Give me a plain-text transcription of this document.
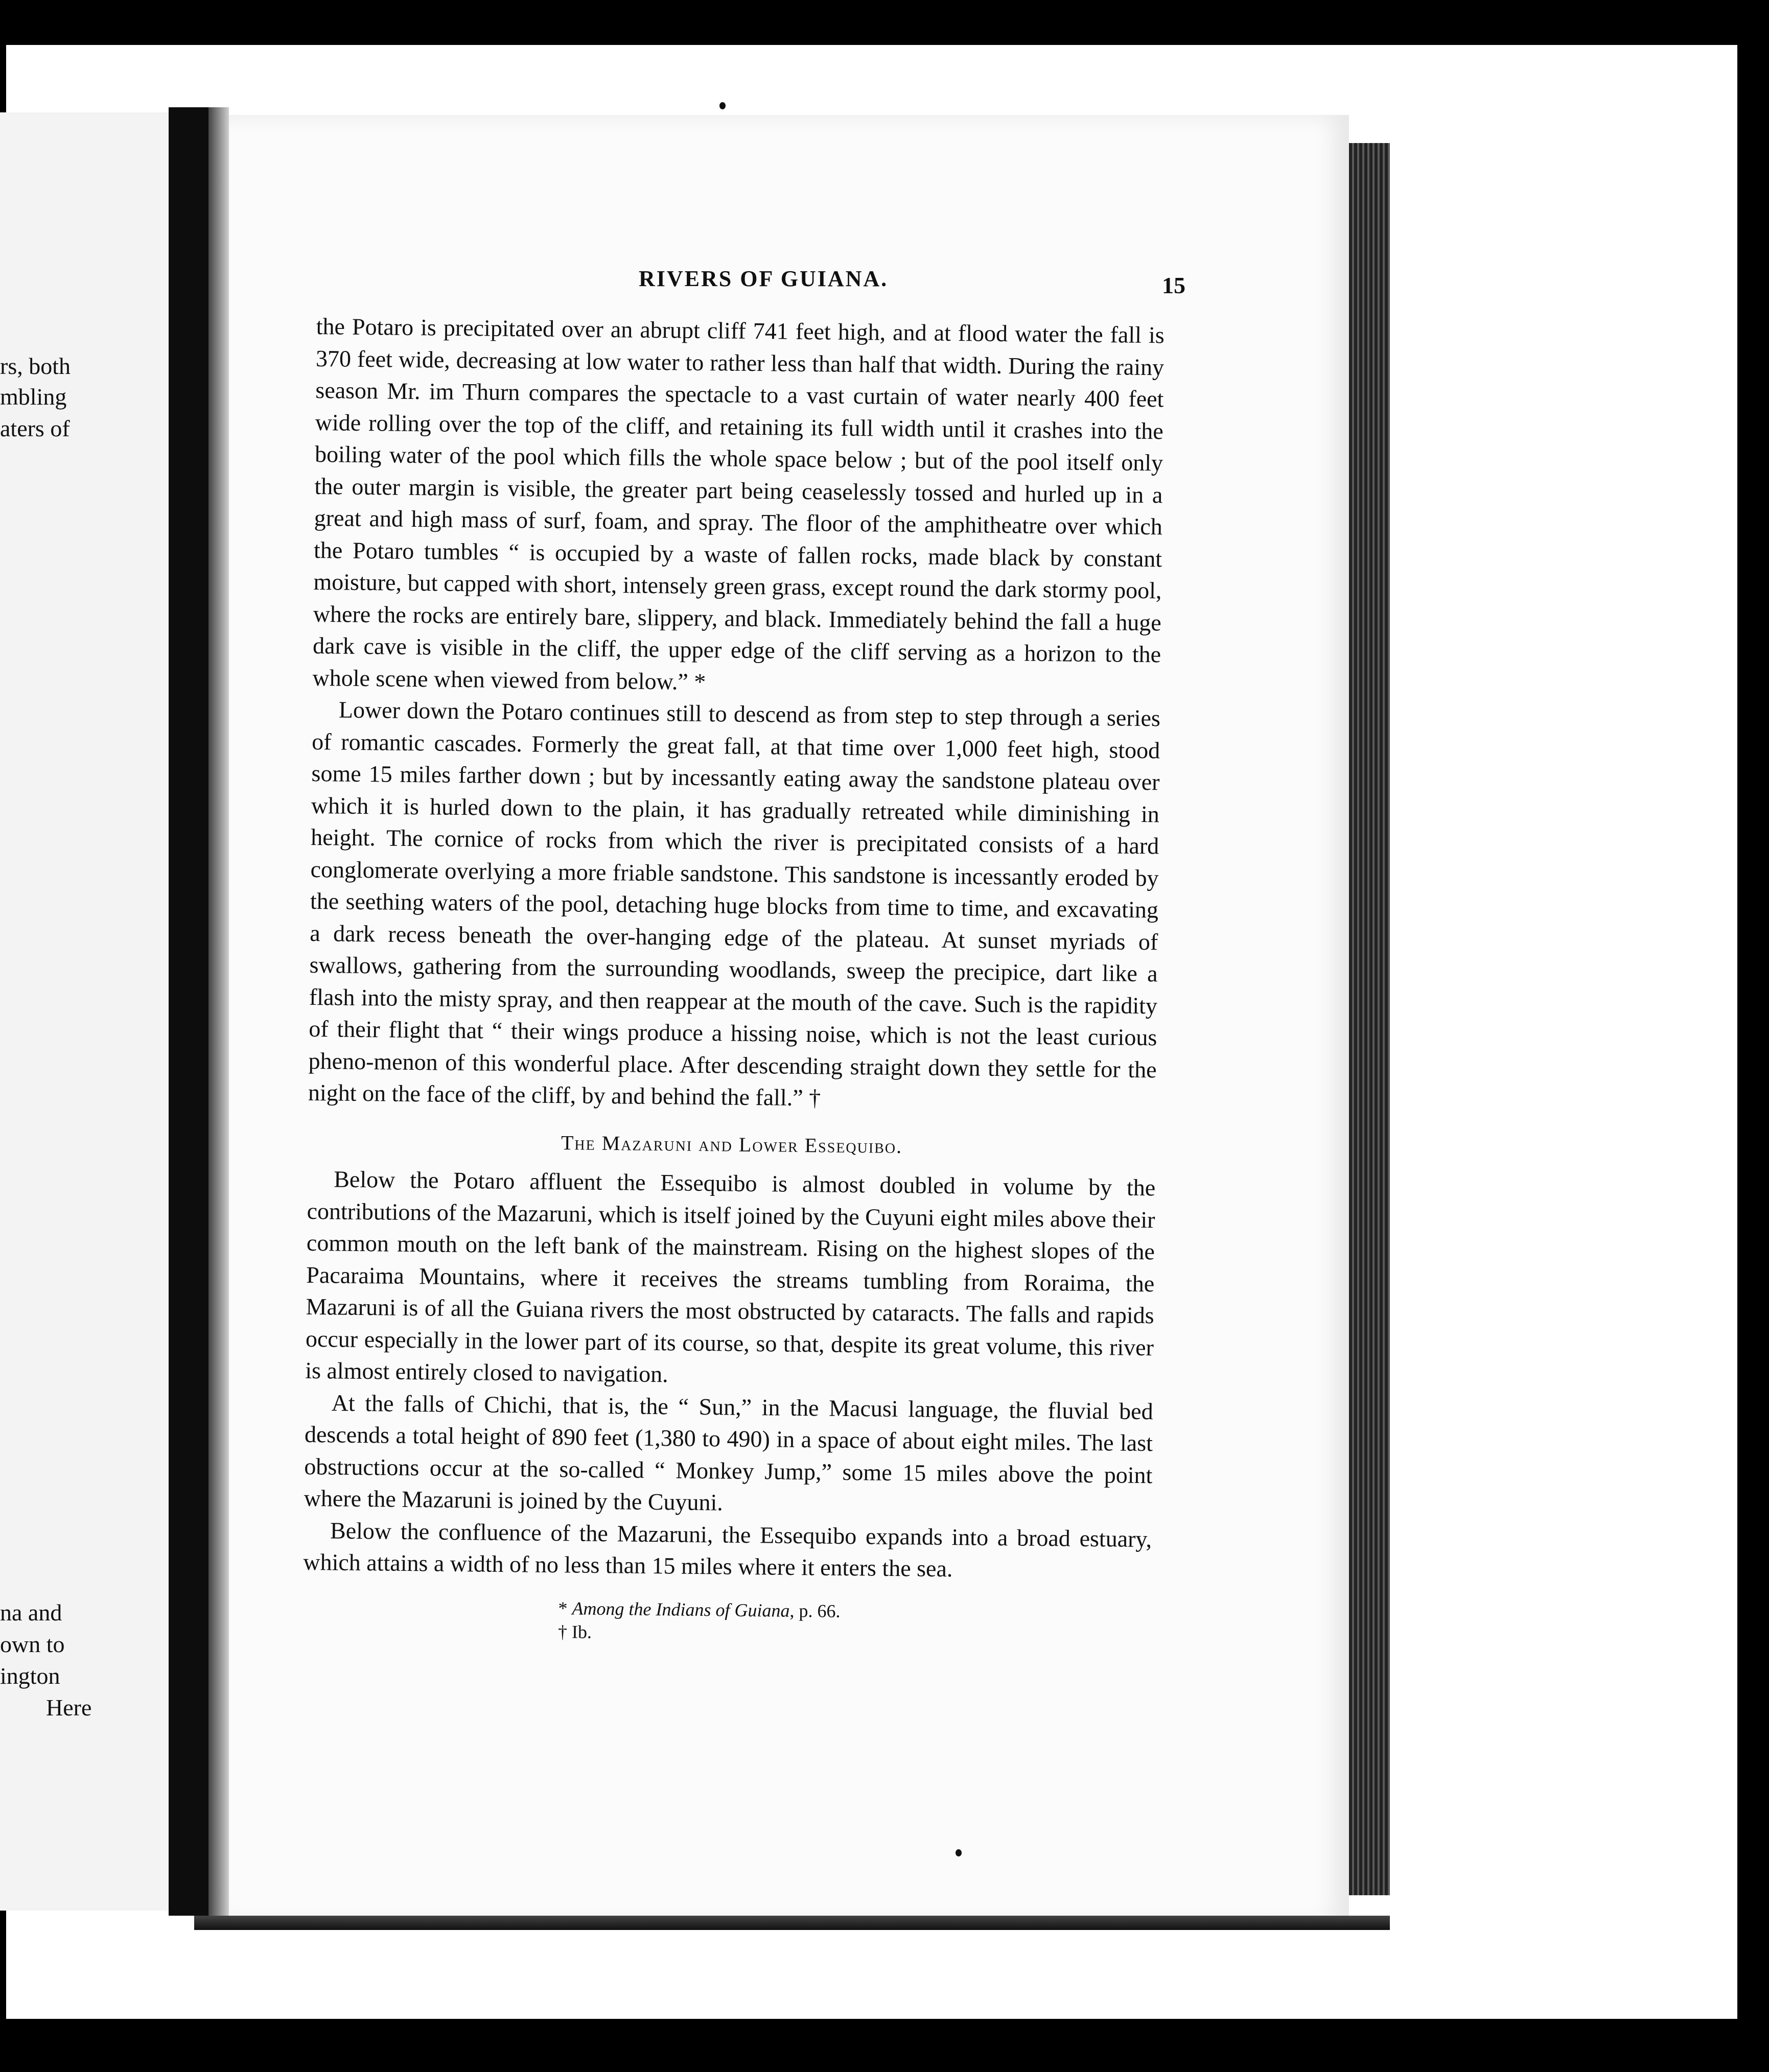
rs, both
mbling
aters of
na and
own to
ington
Here
RIVERS OF GUIANA.	15

the Potaro is precipitated over an abrupt cliff 741 feet high, and at flood water the fall is 370 feet wide, decreasing at low water to rather less than half that width. During the rainy season Mr. im Thurn compares the spectacle to a vast curtain of water nearly 400 feet wide rolling over the top of the cliff, and retaining its full width until it crashes into the boiling water of the pool which fills the whole space below ; but of the pool itself only the outer margin is visible, the greater part being ceaselessly tossed and hurled up in a great and high mass of surf, foam, and spray. The floor of the amphitheatre over which the Potaro tumbles “ is occupied by a waste of fallen rocks, made black by constant moisture, but capped with short, intensely green grass, except round the dark stormy pool, where the rocks are entirely bare, slippery, and black. Immediately behind the fall a huge dark cave is visible in the cliff, the upper edge of the cliff serving as a horizon to the whole scene when viewed from below.” *

Lower down the Potaro continues still to descend as from step to step through a series of romantic cascades. Formerly the great fall, at that time over 1,000 feet high, stood some 15 miles farther down ; but by incessantly eating away the sandstone plateau over which it is hurled down to the plain, it has gradually retreated while diminishing in height. The cornice of rocks from which the river is precipitated consists of a hard conglomerate overlying a more friable sandstone. This sandstone is incessantly eroded by the seething waters of the pool, detaching huge blocks from time to time, and excavating a dark recess beneath the over-hanging edge of the plateau. At sunset myriads of swallows, gathering from the surrounding woodlands, sweep the precipice, dart like a flash into the misty spray, and then reappear at the mouth of the cave. Such is the rapidity of their flight that “ their wings produce a hissing noise, which is not the least curious pheno-menon of this wonderful place. After descending straight down they settle for the night on the face of the cliff, by and behind the fall.” †

The Mazaruni and Lower Essequibo.

Below the Potaro affluent the Essequibo is almost doubled in volume by the contributions of the Mazaruni, which is itself joined by the Cuyuni eight miles above their common mouth on the left bank of the mainstream. Rising on the highest slopes of the Pacaraima Mountains, where it receives the streams tumbling from Roraima, the Mazaruni is of all the Guiana rivers the most obstructed by cataracts. The falls and rapids occur especially in the lower part of its course, so that, despite its great volume, this river is almost entirely closed to navigation.

At the falls of Chichi, that is, the “ Sun,” in the Macusi language, the fluvial bed descends a total height of 890 feet (1,380 to 490) in a space of about eight miles. The last obstructions occur at the so-called “ Monkey Jump,” some 15 miles above the point where the Mazaruni is joined by the Cuyuni.

Below the confluence of the Mazaruni, the Essequibo expands into a broad estuary, which attains a width of no less than 15 miles where it enters the sea.

* Among the Indians of Guiana, p. 66.
† Ib.
